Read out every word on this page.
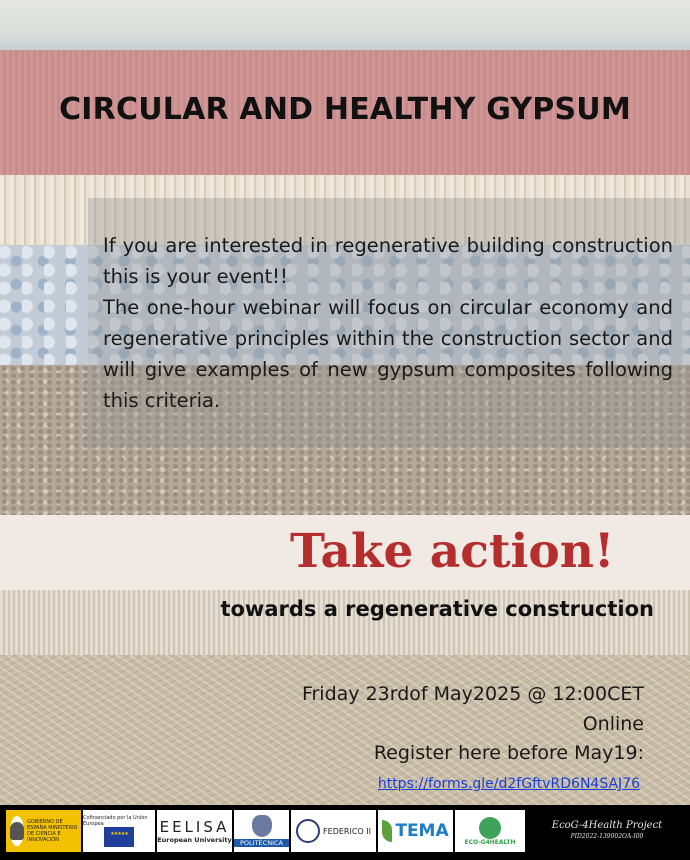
CIRCULAR AND HEALTHY GYPSUM

If you are interested in regenerative building construction this is your event!!

The one-hour webinar will focus on circular economy and regenerative principles within the construction sector and will give examples of new gypsum composites following this criteria.

Take action!
towards a regenerative construction
Friday 23rdof May2025 @ 12:00CET
Online
Register here before May19:
https://forms.gle/d2fGftvRD6N4SAJ76
GOBIERNO DE ESPAÑA MINISTERIO DE CIENCIA E INNOVACIÓN
Cofinanciado por la Unión Europea
★★★★★	EELISA
European University	POLITÉCNICA
FEDERICO II TEMA
ECO-G4HEALTH
EcoG-4Health Project
PID2022-139002OA-I00
